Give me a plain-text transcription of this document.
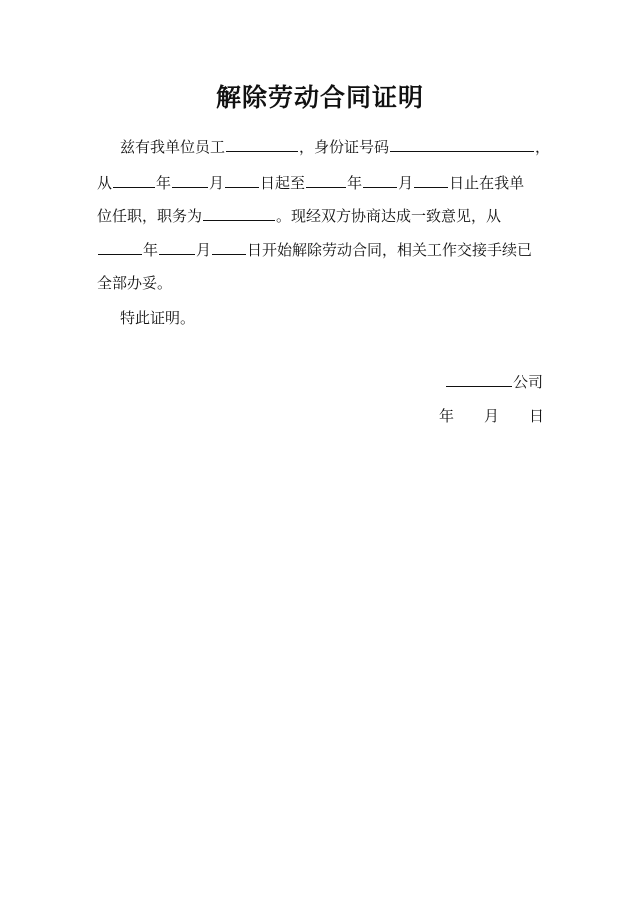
解除劳动合同证明
兹有我单位员工	，身份证号码	，
从	年	月 日起至	年 月 日止在我单
位任职，职务为	。现经双方协商达成一致意见，从
年	月 日开始解除劳动合同，相关工作交接手续已
全部办妥。
特此证明。
公司
年 月 日
